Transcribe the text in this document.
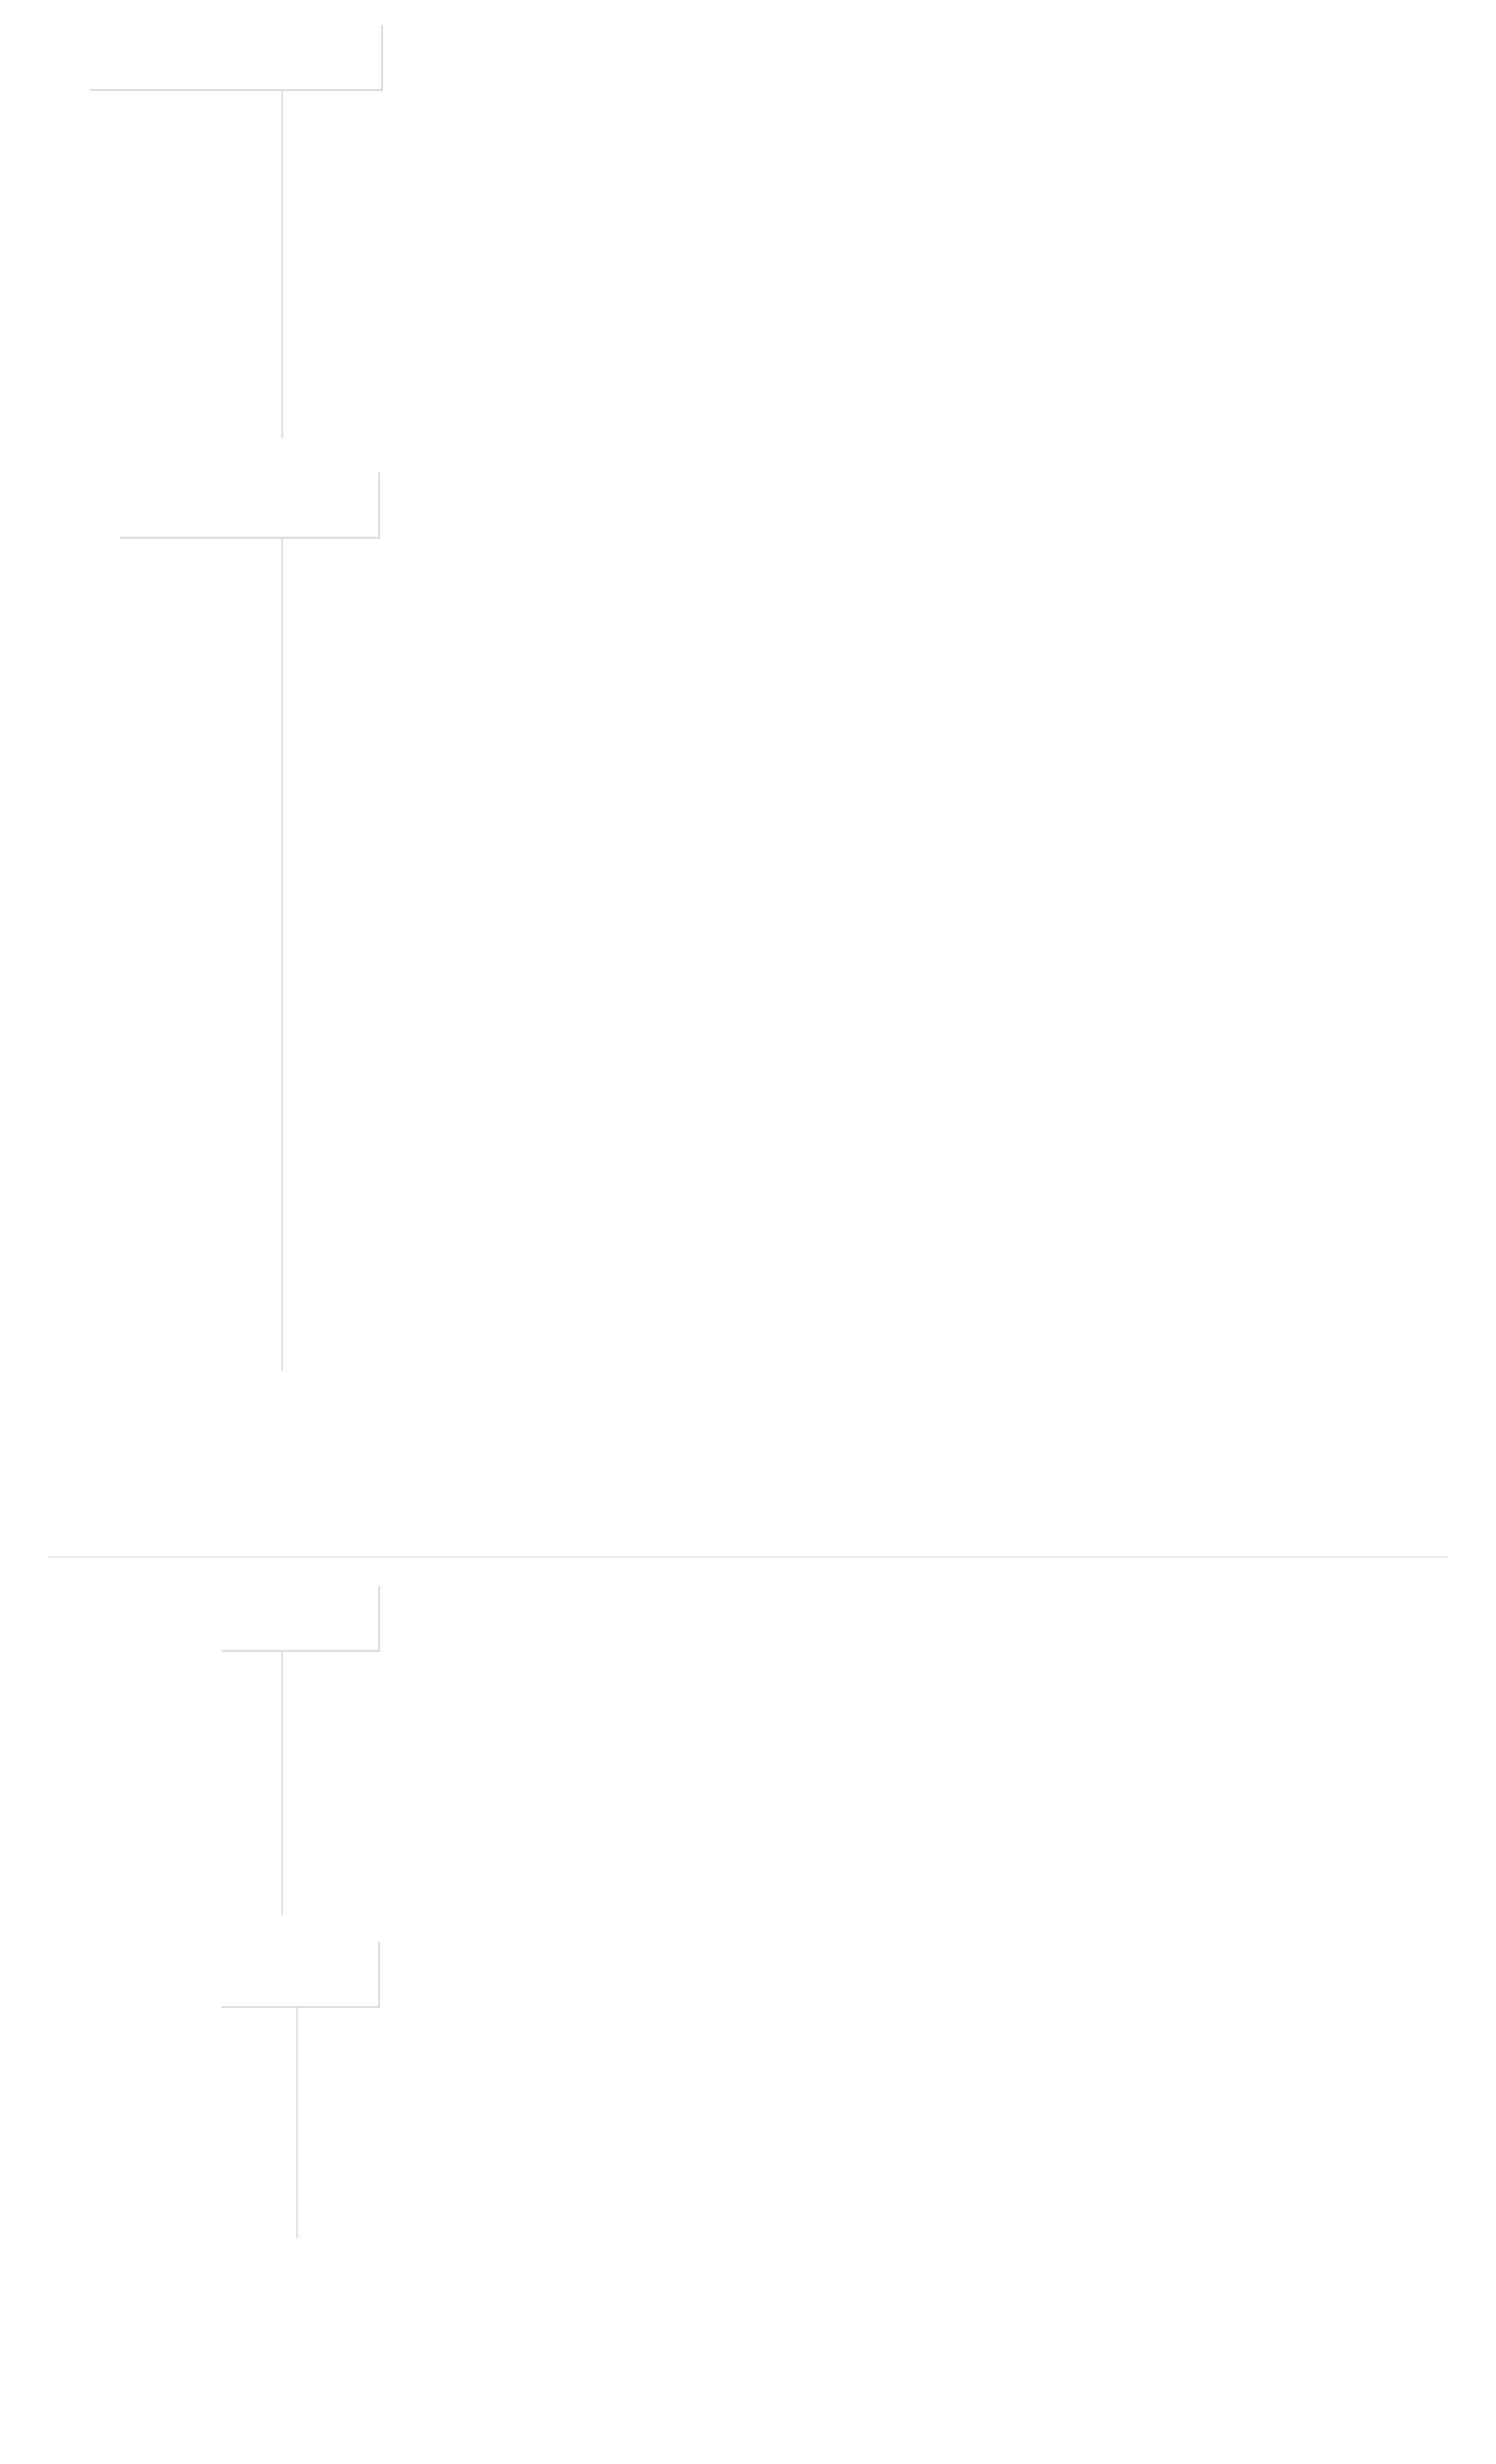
garden fare
"ohs" salad artichoke, tomato confit, crispy prosciutto, olives, fried capers,
whipped roquefort, bread | gf*, df*, v*
18
salmon salad cured salmon, spring mix, manchego cheese, red apples,
quinoa, aji amarillo-honey dressing | gf, v*
18
beet salad golden & red beets, arugula, goat cheese, herbs, berries vinaigrette,
pistachios | df*, gf, no*, v, va
15
burrata grilled watermelon, nectarine in red wine, pesto, tomato confit, pepitas,
fried shallot, prosciutto, cassis reduction | gf*, v*
18
land & sea
tiradito wild caught prawn, alaskan salmon, tiger milk, avocado cream,
sweet potato puree | gf, sfa
20
chicken chicken chicharron, aji panca, huacatay, milk, peanuts, lime | no*, sa	18
lomo saltado beef tenderloin, aji amarillo, aji panca, oyster sauce, soy sauce,
house potatoes, white rice | df, sa, sfa
26
beef "ramen" seco de carne, egg noodles, bone broth, green beans, cilantro, ajitama egg,
green onions | df, sa*
21
chow mein beef tenderloin, egg noodles, red onion, tomato, aji panca, oyster sauce,
soy sauce, cilantro, green onion | sa, sfa
26
shrimp wild caught prawn, spaghetti, aji amarillo, smoked carrot ponzu | sa, sfa	27
lamb braised lamb, corn, cilantro, pickled onion, aji amarillo | gf	27
octopus confit octopus, olive cream, sweet potato, crispy potatoes | gf, sfa	23
shortrib braised in carmenere, gnocchi, artisan cheese, mushrooms	28
strip steak mushroom puree, chimichurri, cilantro | gf	65
salmon risotto, aged sheep's cheese, wild blueberry and wine reduction sauce | gf	32
peruvian seafood rice
octopus, mussels, clam, wild caught prawn, rice, carrots, peas, green onions,
cilantro | df, gf, sfa
30
day end menu
regional americas restaurant | social plates dining	RESTAURANT
For parties of 6 or more, an automatic gratuity of 20% will be added to the final bill.
other
cheesy crab aji amarillo, queso fresco, fresh cream queso, cilantro, bread | sfa	18
potato baked beef, mozzarella, red wine, tomato, garlic, red onion, lemon, aji amarillo | v*	16
loaded fries bacon, fried egg, pickled onions, rocoto cream, herbs | df*, sa, sfa, v*	16
fried rice pork belly, cilantro rice, roasted corn, carrot, celery, peas, salsa criolla,
peanuts | df, gf, no*, v*
20
sweet ask server for vegan option
torta de ricotta ricotta, dulce de leche crust, raspberries, lime, mint | v	14
suspiro limeño passion fruit, seasonal berries, meringue, dulce de leche | gf, v	12
tres leches vanilla cake, tres leches, meringue, seasonal berries, ice cream | v	12
pecan tart apples, dulce de leche crust, creamy white chocolate, grand marnier | v	12
the team | Aaron Foster | Hallie Jones | chef Shon Foster | executive chef Sergio Medel
gf - gluten free | df - dairy free | v - vegetarian | va - vegan alternative | * allergen removable
na - nut allergy | sa - soy allergy | sfa - shellfish allergy
Consuming raw or undercooked meats, poultry, seafood, shellfish, or eggs may increase
your risk of foodborne illness, especially if you have certain medical conditions
